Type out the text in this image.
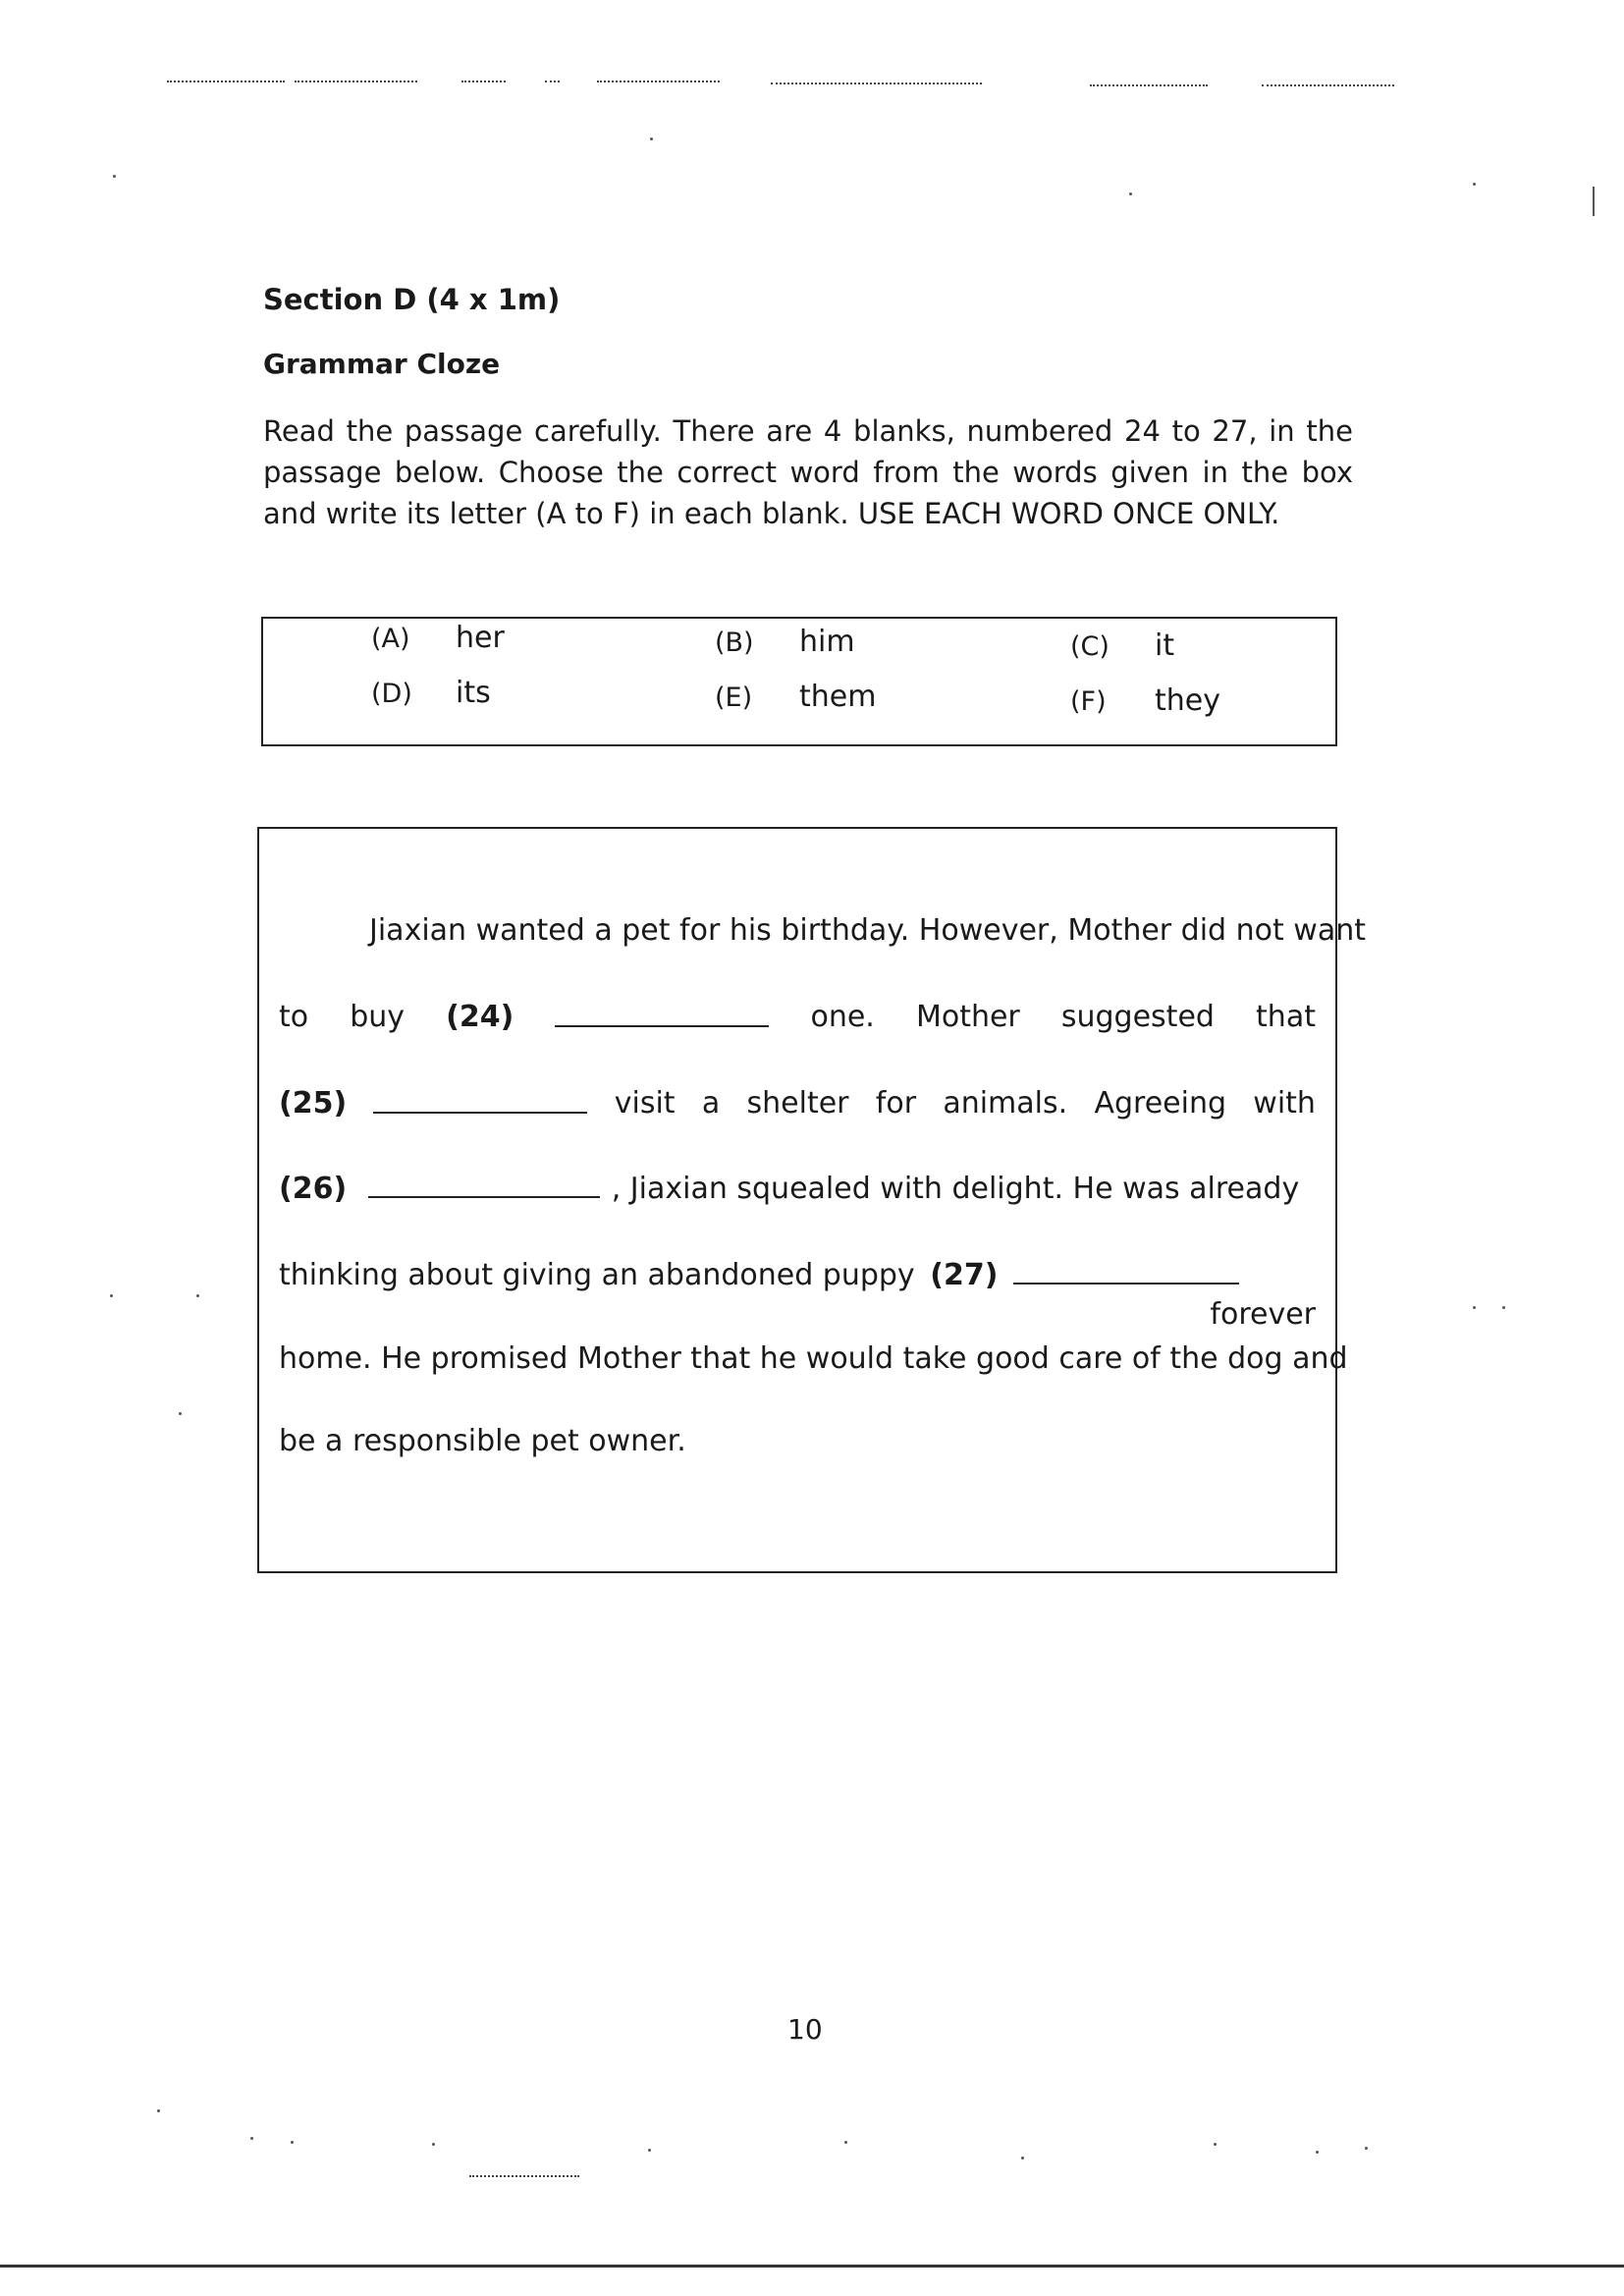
Section D (4 x 1m)
Grammar Cloze
Read the passage carefully. There are 4 blanks, numbered 24 to 27, in the passage below. Choose the correct word from the words given in the box and write its letter (A to F) in each blank. USE EACH WORD ONCE ONLY.
(A) her	(B) him	(C) it
(D) its	(E) them	(F) they
Jiaxian wanted a pet for his birthday. However, Mother did not want
to buy (24)	one. Mother suggested that
(25)	visit a shelter for animals. Agreeing with
(26)	, Jiaxian squealed with delight. He was already
thinking about giving an abandoned puppy (27)
forever
home. He promised Mother that he would take good care of the dog and
be a responsible pet owner.
10
